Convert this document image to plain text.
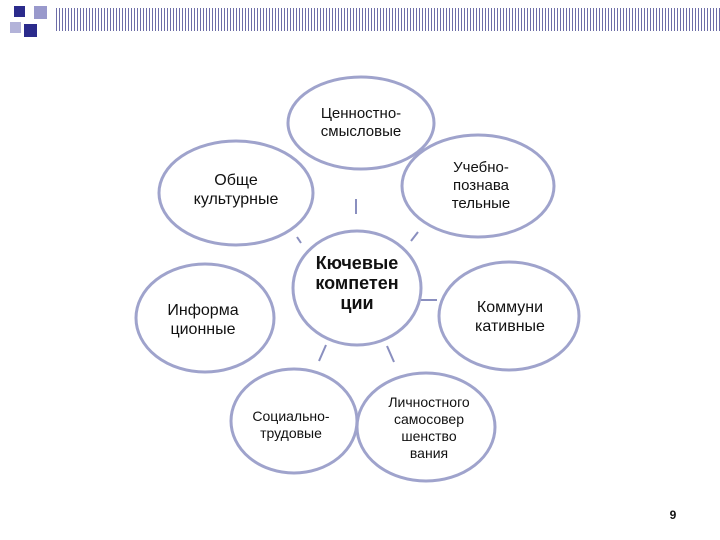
Ценностно-
смысловые
Учебно-
познава
тельные
Коммуни
кативные
Личностного
самосовер
шенство
вания
Социально-
трудовые
Информа
ционные
Обще
культурные
Кючевые
компетен
ции
9
